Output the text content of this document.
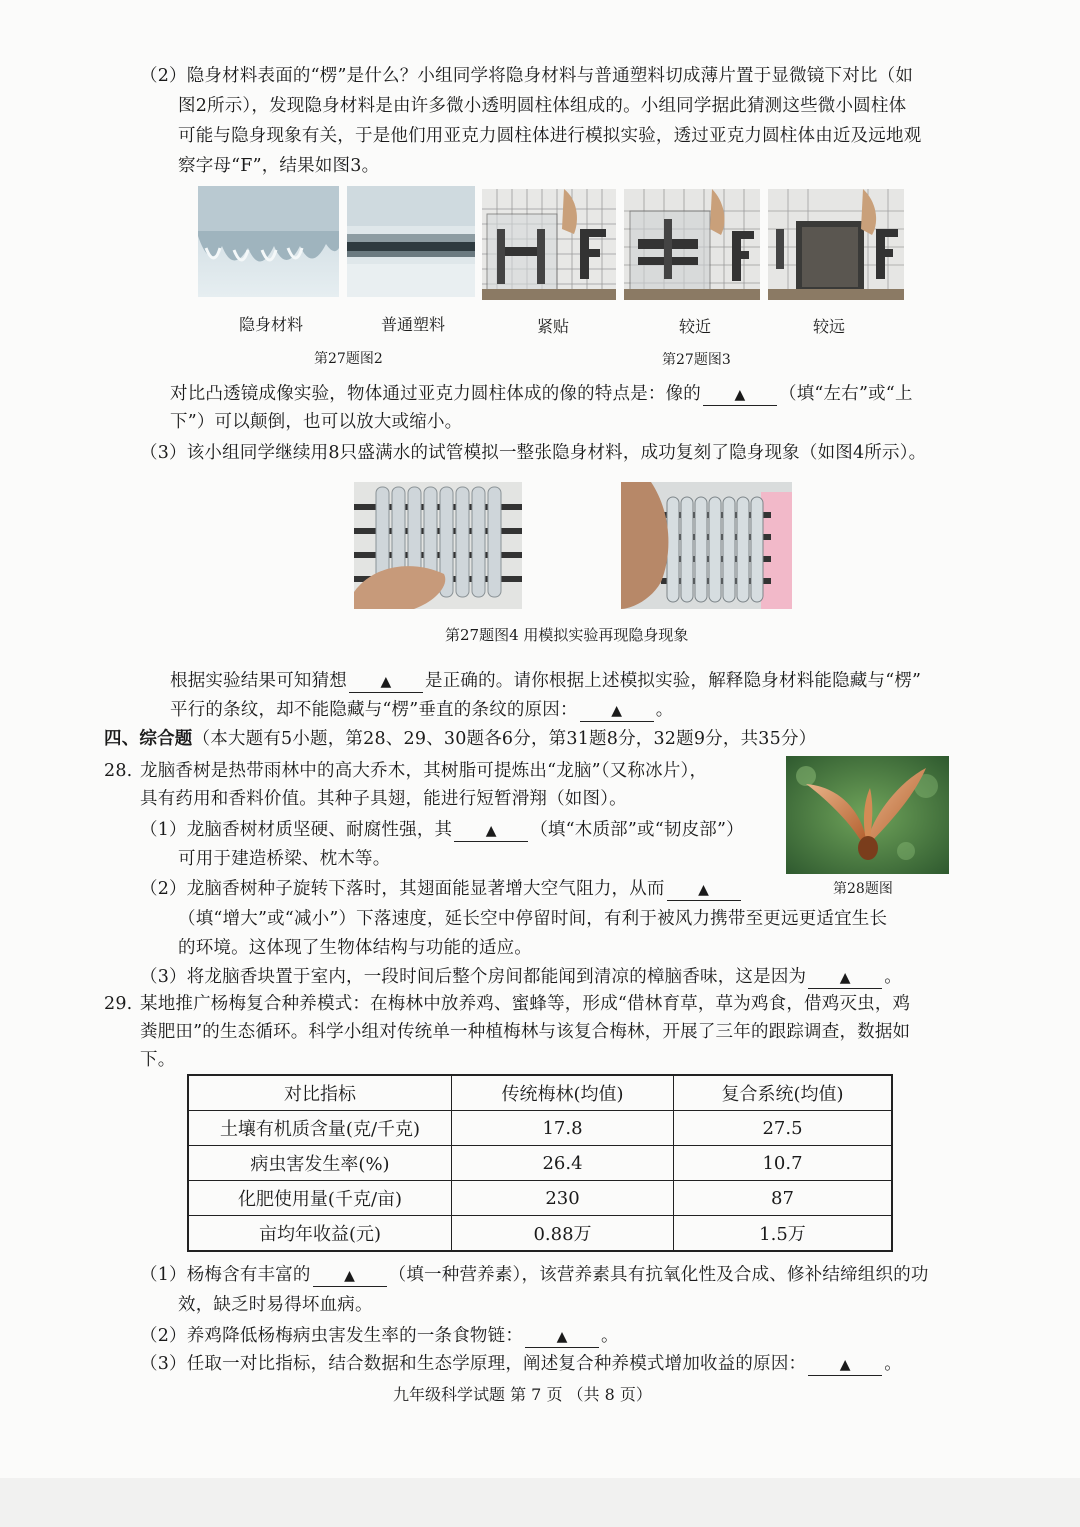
（2）隐身材料表面的“楞”是什么？小组同学将隐身材料与普通塑料切成薄片置于显微镜下对比（如
图2所示），发现隐身材料是由许多微小透明圆柱体组成的。小组同学据此猜测这些微小圆柱体
可能与隐身现象有关，于是他们用亚克力圆柱体进行模拟实验，透过亚克力圆柱体由近及远地观
察字母“F”，结果如图3。
隐身材料	普通塑料	紧贴	较近	较远
第27题图2	第27题图3
对比凸透镜成像实验，物体通过亚克力圆柱体成的像的特点是：像的 ▲ （填“左右”或“上
下”）可以颠倒，也可以放大或缩小。
（3）该小组同学继续用8只盛满水的试管模拟一整张隐身材料，成功复刻了隐身现象（如图4所示）。
第27题图4 用模拟实验再现隐身现象
根据实验结果可知猜想 ▲ 是正确的。请你根据上述模拟实验，解释隐身材料能隐藏与“楞”
平行的条纹，却不能隐藏与“楞”垂直的条纹的原因： ▲ 。
四、综合题（本大题有5小题，第28、29、30题各6分，第31题8分，32题9分，共35分）
28. 龙脑香树是热带雨林中的高大乔木，其树脂可提炼出“龙脑”（又称冰片），
具有药用和香料价值。其种子具翅，能进行短暂滑翔（如图）。
（1）龙脑香树材质坚硬、耐腐性强，其 ▲ （填“木质部”或“韧皮部”）
可用于建造桥梁、枕木等。
第28题图
（2）龙脑香树种子旋转下落时，其翅面能显著增大空气阻力，从而 ▲
（填“增大”或“减小”）下落速度，延长空中停留时间，有利于被风力携带至更远更适宜生长
的环境。这体现了生物体结构与功能的适应。
（3）将龙脑香块置于室内，一段时间后整个房间都能闻到清凉的樟脑香味，这是因为 ▲ 。
29. 某地推广杨梅复合种养模式：在梅林中放养鸡、蜜蜂等，形成“借林育草，草为鸡食，借鸡灭虫，鸡
粪肥田”的生态循环。科学小组对传统单一种植梅林与该复合梅林，开展了三年的跟踪调查，数据如
下。
对比指标	传统梅林(均值)	复合系统(均值)
土壤有机质含量(克/千克)	17.8	27.5
病虫害发生率(%)	26.4	10.7
化肥使用量(千克/亩)	230	87
亩均年收益(元)	0.88万	1.5万
（1）杨梅含有丰富的 ▲ （填一种营养素），该营养素具有抗氧化性及合成、修补结缔组织的功
效，缺乏时易得坏血病。
（2）养鸡降低杨梅病虫害发生率的一条食物链： ▲ 。
（3）任取一对比指标，结合数据和生态学原理，阐述复合种养模式增加收益的原因： ▲ 。
九年级科学试题 第 7 页 （共 8 页）
